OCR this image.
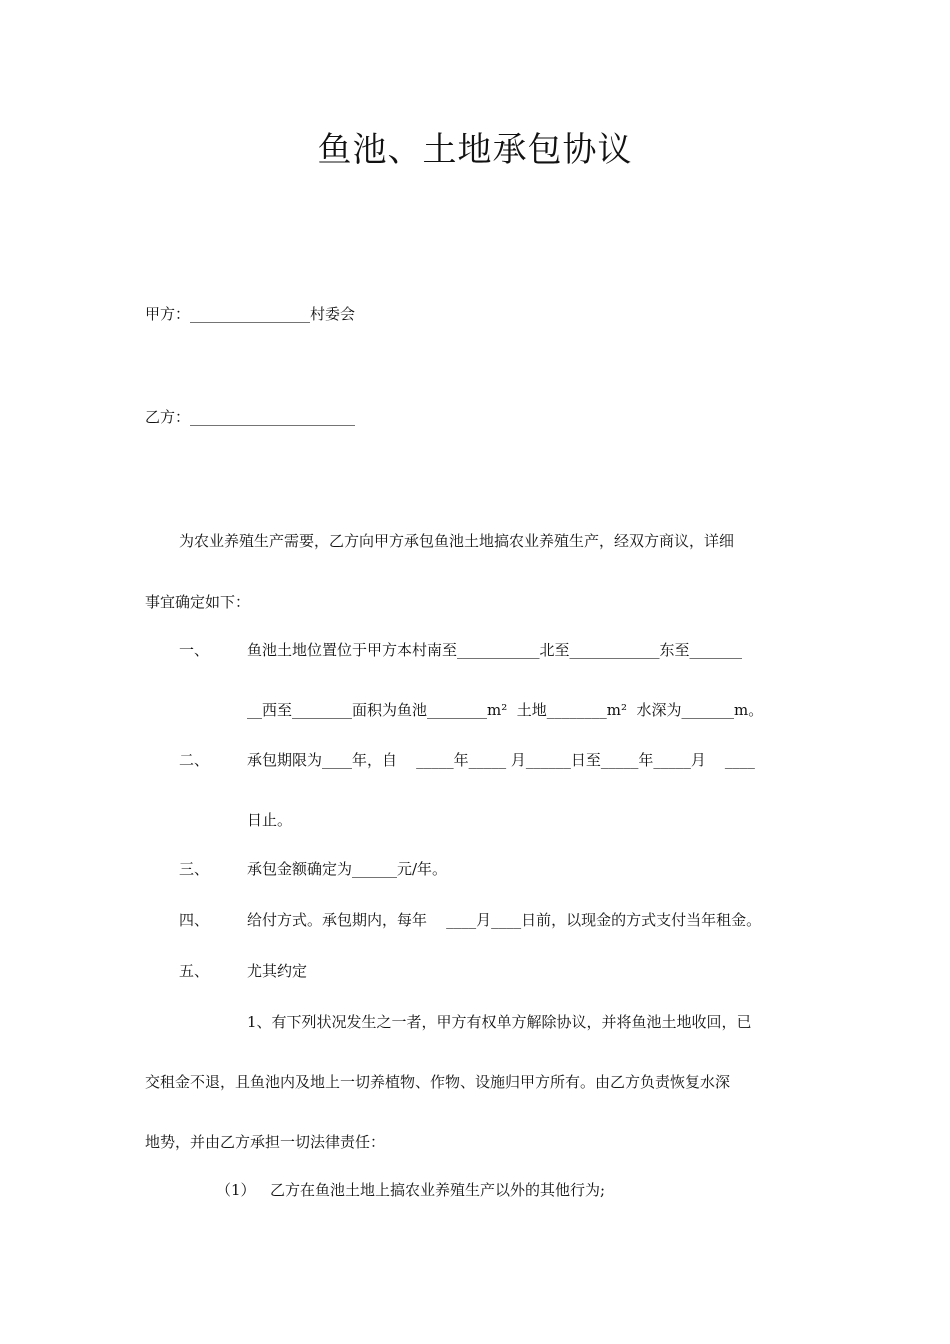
鱼池、土地承包协议
甲方：________________村委会
乙方：______________________
为农业养殖生产需要，乙方向甲方承包鱼池土地搞农业养殖生产，经双方商议，详细
事宜确定如下：
一、	鱼池土地位置位于甲方本村南至___________北至____________东至_______
__西至________面积为鱼池________m²  土地________m²  水深为_______m。
二、	承包期限为____年，自    _____年_____ 月______日至_____年_____月    ____
日止。
三、	承包金额确定为______元/年。
四、	给付方式。承包期内，每年    ____月____日前，以现金的方式支付当年租金。
五、	尤其约定
1、有下列状况发生之一者，甲方有权单方解除协议，并将鱼池土地收回，已
交租金不退，且鱼池内及地上一切养植物、作物、设施归甲方所有。由乙方负责恢复水深
地势，并由乙方承担一切法律责任：
（1） 乙方在鱼池土地上搞农业养殖生产以外的其他行为;
